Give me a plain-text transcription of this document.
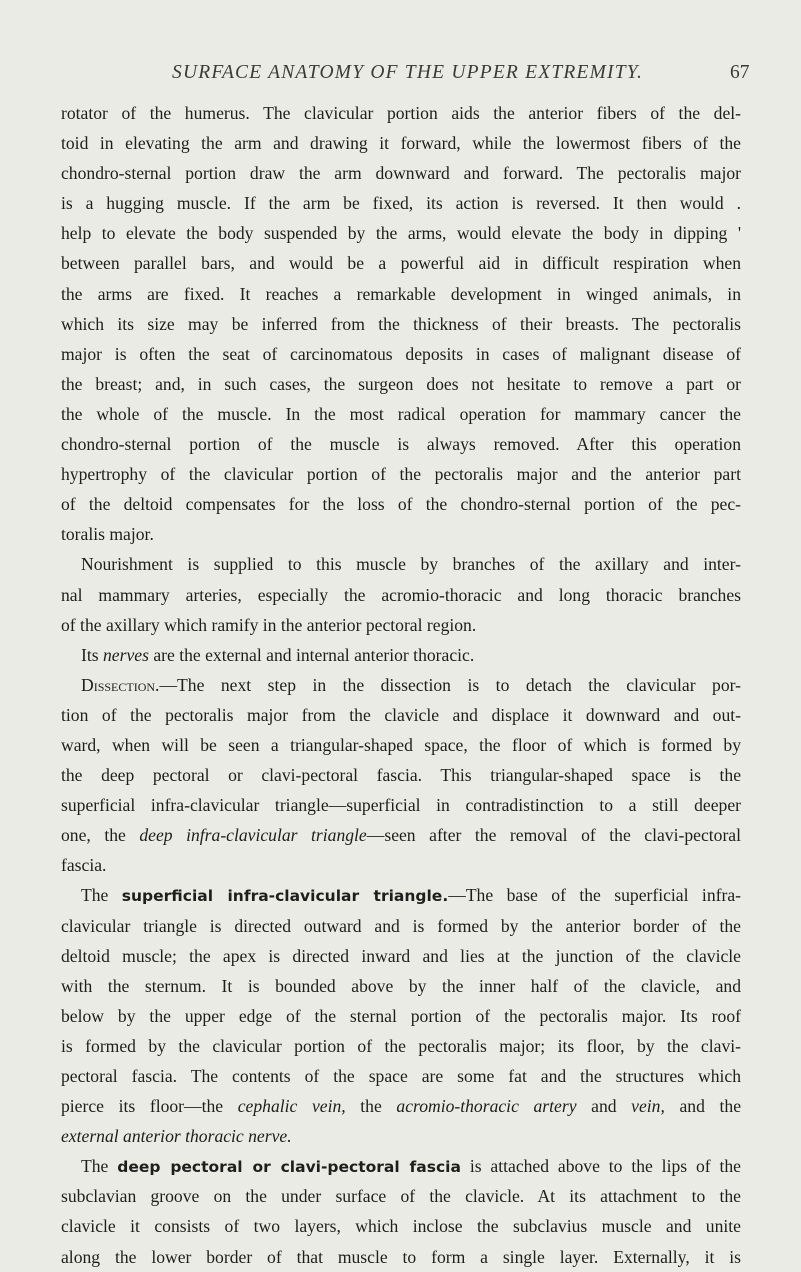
SURFACE ANATOMY OF THE UPPER EXTREMITY.	67
rotator of the humerus. The clavicular portion aids the anterior fibers of the del-
toid in elevating the arm and drawing it forward, while the lowermost fibers of the
chondro-sternal portion draw the arm downward and forward. The pectoralis major
is a hugging muscle. If the arm be fixed, its action is reversed. It then would .
help to elevate the body suspended by the arms, would elevate the body in dipping '
between parallel bars, and would be a powerful aid in difficult respiration when
the arms are fixed. It reaches a remarkable development in winged animals, in
which its size may be inferred from the thickness of their breasts. The pectoralis
major is often the seat of carcinomatous deposits in cases of malignant disease of
the breast; and, in such cases, the surgeon does not hesitate to remove a part or
the whole of the muscle. In the most radical operation for mammary cancer the
chondro-sternal portion of the muscle is always removed. After this operation
hypertrophy of the clavicular portion of the pectoralis major and the anterior part
of the deltoid compensates for the loss of the chondro-sternal portion of the pec-
toralis major.
Nourishment is supplied to this muscle by branches of the axillary and inter-
nal mammary arteries, especially the acromio-thoracic and long thoracic branches
of the axillary which ramify in the anterior pectoral region.
Its nerves are the external and internal anterior thoracic.
Dissection.—The next step in the dissection is to detach the clavicular por-
tion of the pectoralis major from the clavicle and displace it downward and out-
ward, when will be seen a triangular-shaped space, the floor of which is formed by
the deep pectoral or clavi-pectoral fascia. This triangular-shaped space is the
superficial infra-clavicular triangle—superficial in contradistinction to a still deeper
one, the deep infra-clavicular triangle—seen after the removal of the clavi-pectoral
fascia.
The superficial infra-clavicular triangle.—The base of the superficial infra-
clavicular triangle is directed outward and is formed by the anterior border of the
deltoid muscle; the apex is directed inward and lies at the junction of the clavicle
with the sternum. It is bounded above by the inner half of the clavicle, and
below by the upper edge of the sternal portion of the pectoralis major. Its roof
is formed by the clavicular portion of the pectoralis major; its floor, by the clavi-
pectoral fascia. The contents of the space are some fat and the structures which
pierce its floor—the cephalic vein, the acromio-thoracic artery and vein, and the
external anterior thoracic nerve.
The deep pectoral or clavi-pectoral fascia is attached above to the lips of the
subclavian groove on the under surface of the clavicle. At its attachment to the
clavicle it consists of two layers, which inclose the subclavius muscle and unite
along the lower border of that muscle to form a single layer. Externally, it is
